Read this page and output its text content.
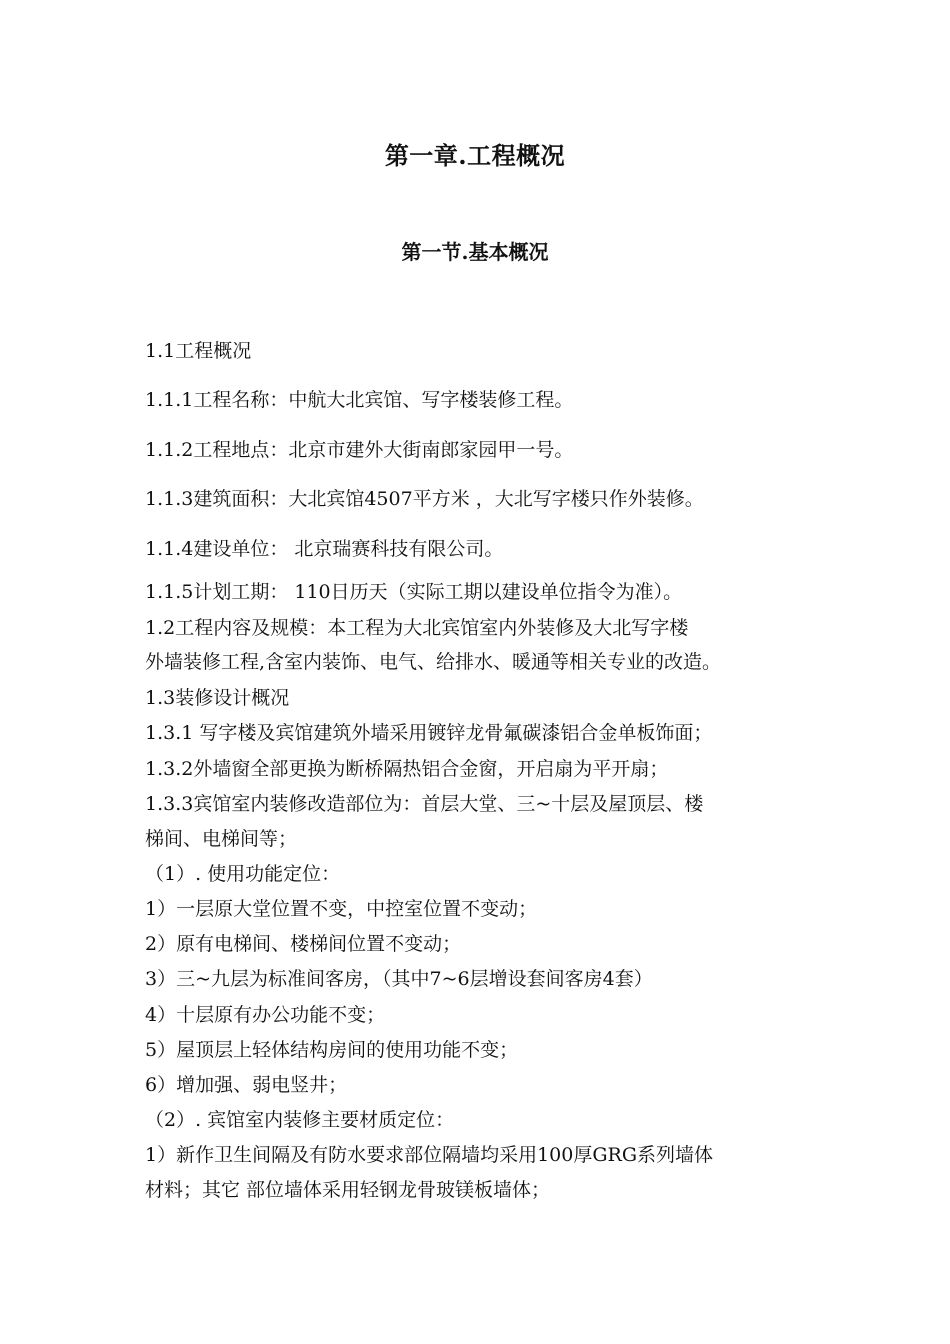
第一章.工程概况
第一节.基本概况
1.1工程概况
1.1.1工程名称：中航大北宾馆、写字楼装修工程。
1.1.2工程地点：北京市建外大街南郎家园甲一号。
1.1.3建筑面积：大北宾馆4507平方米 ，大北写字楼只作外装修。
1.1.4建设单位： 北京瑞赛科技有限公司。
1.1.5计划工期： 110日历天（实际工期以建设单位指令为准）。
1.2工程内容及规模：本工程为大北宾馆室内外装修及大北写字楼
外墙装修工程,含室内装饰、电气、给排水、暖通等相关专业的改造。
1.3装修设计概况
1.3.1 写字楼及宾馆建筑外墙采用镀锌龙骨氟碳漆铝合金单板饰面；
1.3.2外墙窗全部更换为断桥隔热铝合金窗，开启扇为平开扇；
1.3.3宾馆室内装修改造部位为：首层大堂、三~十层及屋顶层、楼
梯间、电梯间等；
（1）. 使用功能定位：
1）一层原大堂位置不变，中控室位置不变动；
2）原有电梯间、楼梯间位置不变动；
3）三~九层为标准间客房，（其中7~6层增设套间客房4套）
4）十层原有办公功能不变；
5）屋顶层上轻体结构房间的使用功能不变；
6）增加强、弱电竖井；
（2）. 宾馆室内装修主要材质定位：
1）新作卫生间隔及有防水要求部位隔墙均采用100厚GRG系列墙体
材料；其它 部位墙体采用轻钢龙骨玻镁板墙体；
